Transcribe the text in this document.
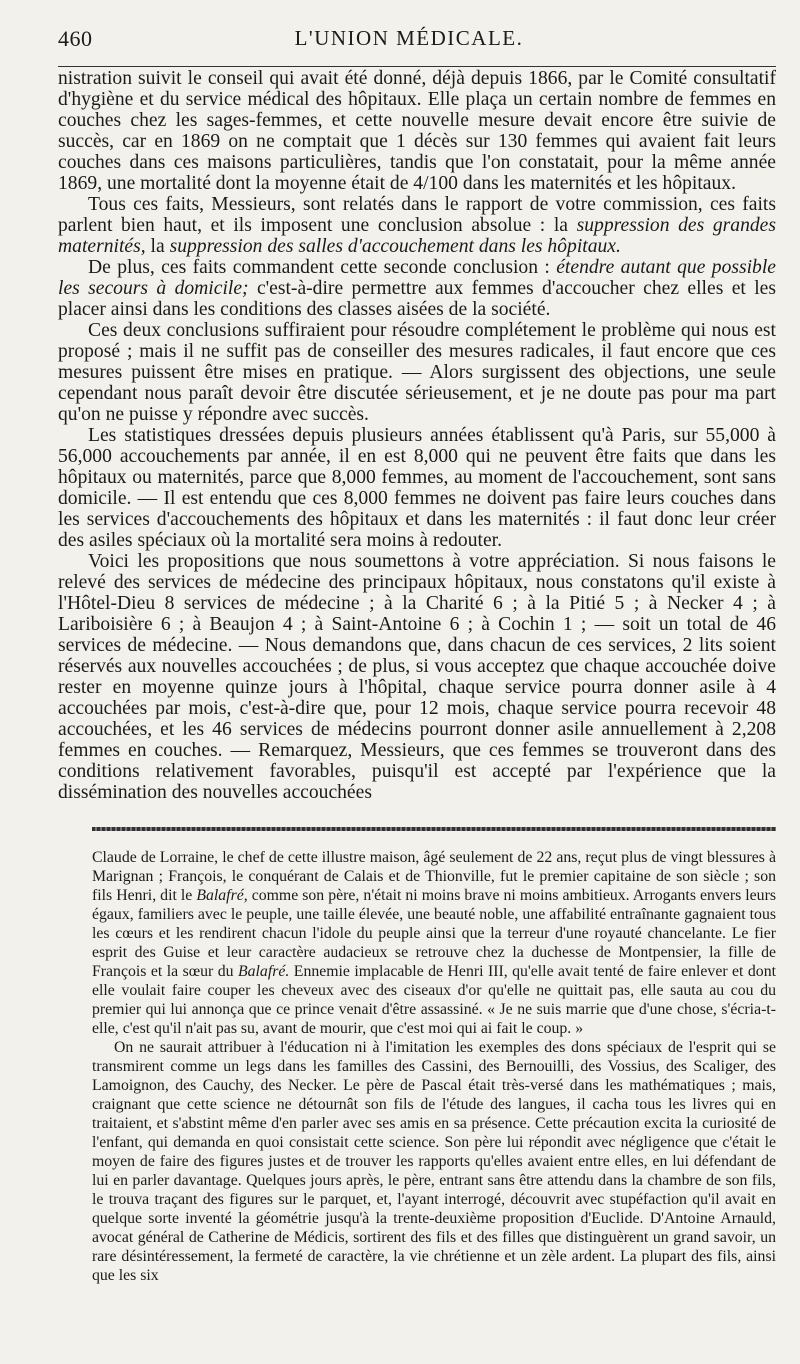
460	L'UNION MÉDICALE.

nistration suivit le conseil qui avait été donné, déjà depuis 1866, par le Comité consultatif d'hygiène et du service médical des hôpitaux. Elle plaça un certain nombre de femmes en couches chez les sages-femmes, et cette nouvelle mesure devait encore être suivie de succès, car en 1869 on ne comptait que 1 décès sur 130 femmes qui avaient fait leurs couches dans ces maisons particulières, tandis que l'on constatait, pour la même année 1869, une mortalité dont la moyenne était de 4/100 dans les maternités et les hôpitaux.

Tous ces faits, Messieurs, sont relatés dans le rapport de votre commission, ces faits parlent bien haut, et ils imposent une conclusion absolue : la suppression des grandes maternités, la suppression des salles d'accouchement dans les hôpitaux.

De plus, ces faits commandent cette seconde conclusion : étendre autant que possible les secours à domicile; c'est-à-dire permettre aux femmes d'accoucher chez elles et les placer ainsi dans les conditions des classes aisées de la société.

Ces deux conclusions suffiraient pour résoudre complétement le problème qui nous est proposé ; mais il ne suffit pas de conseiller des mesures radicales, il faut encore que ces mesures puissent être mises en pratique. — Alors surgissent des objections, une seule cependant nous paraît devoir être discutée sérieusement, et je ne doute pas pour ma part qu'on ne puisse y répondre avec succès.

Les statistiques dressées depuis plusieurs années établissent qu'à Paris, sur 55,000 à 56,000 accouchements par année, il en est 8,000 qui ne peuvent être faits que dans les hôpitaux ou maternités, parce que 8,000 femmes, au moment de l'accouchement, sont sans domicile. — Il est entendu que ces 8,000 femmes ne doivent pas faire leurs couches dans les services d'accouchements des hôpitaux et dans les maternités : il faut donc leur créer des asiles spéciaux où la mortalité sera moins à redouter.

Voici les propositions que nous soumettons à votre appréciation. Si nous faisons le relevé des services de médecine des principaux hôpitaux, nous constatons qu'il existe à l'Hôtel-Dieu 8 services de médecine ; à la Charité 6 ; à la Pitié 5 ; à Necker 4 ; à Lariboisière 6 ; à Beaujon 4 ; à Saint-Antoine 6 ; à Cochin 1 ; — soit un total de 46 services de médecine. — Nous demandons que, dans chacun de ces services, 2 lits soient réservés aux nouvelles accouchées ; de plus, si vous acceptez que chaque accouchée doive rester en moyenne quinze jours à l'hôpital, chaque service pourra donner asile à 4 accouchées par mois, c'est-à-dire que, pour 12 mois, chaque service pourra recevoir 48 accouchées, et les 46 services de médecins pourront donner asile annuellement à 2,208 femmes en couches. — Remarquez, Messieurs, que ces femmes se trouveront dans des conditions relativement favorables, puisqu'il est accepté par l'expérience que la dissémination des nouvelles accouchées

Claude de Lorraine, le chef de cette illustre maison, âgé seulement de 22 ans, reçut plus de vingt blessures à Marignan ; François, le conquérant de Calais et de Thionville, fut le premier capitaine de son siècle ; son fils Henri, dit le Balafré, comme son père, n'était ni moins brave ni moins ambitieux. Arrogants envers leurs égaux, familiers avec le peuple, une taille élevée, une beauté noble, une affabilité entraînante gagnaient tous les cœurs et les rendirent chacun l'idole du peuple ainsi que la terreur d'une royauté chancelante. Le fier esprit des Guise et leur caractère audacieux se retrouve chez la duchesse de Montpensier, la fille de François et la sœur du Balafré. Ennemie implacable de Henri III, qu'elle avait tenté de faire enlever et dont elle voulait faire couper les cheveux avec des ciseaux d'or qu'elle ne quittait pas, elle sauta au cou du premier qui lui annonça que ce prince venait d'être assassiné. « Je ne suis marrie que d'une chose, s'écria-t-elle, c'est qu'il n'ait pas su, avant de mourir, que c'est moi qui ai fait le coup. »

On ne saurait attribuer à l'éducation ni à l'imitation les exemples des dons spéciaux de l'esprit qui se transmirent comme un legs dans les familles des Cassini, des Bernouilli, des Vossius, des Scaliger, des Lamoignon, des Cauchy, des Necker. Le père de Pascal était très-versé dans les mathématiques ; mais, craignant que cette science ne détournât son fils de l'étude des langues, il cacha tous les livres qui en traitaient, et s'abstint même d'en parler avec ses amis en sa présence. Cette précaution excita la curiosité de l'enfant, qui demanda en quoi consistait cette science. Son père lui répondit avec négligence que c'était le moyen de faire des figures justes et de trouver les rapports qu'elles avaient entre elles, en lui défendant de lui en parler davantage. Quelques jours après, le père, entrant sans être attendu dans la chambre de son fils, le trouva traçant des figures sur le parquet, et, l'ayant interrogé, découvrit avec stupéfaction qu'il avait en quelque sorte inventé la géométrie jusqu'à la trente-deuxième proposition d'Euclide. D'Antoine Arnauld, avocat général de Catherine de Médicis, sortirent des fils et des filles que distinguèrent un grand savoir, un rare désintéressement, la fermeté de caractère, la vie chrétienne et un zèle ardent. La plupart des fils, ainsi que les six
